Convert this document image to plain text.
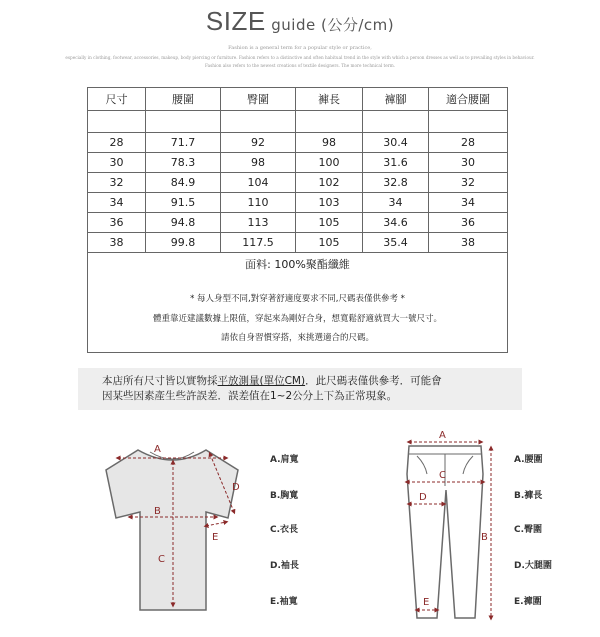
SIZE guide (公分/cm)
Fashion is a general term for a popular style or practice,
especially in clothing, footwear, accessories, makeup, body piercing or furniture. Fashion refers to a distinctive and often habitual trend in the style with which a person dresses as well as to prevailing styles in behaviour. Fashion also refers to the newest creations of textile designers. The more technical term.
尺寸	腰圍	臀圍	褲長	褲腳	適合腰圍

28	71.7	92	98	30.4	28
30	78.3	98	100	31.6	30
32	84.9	104	102	32.8	32
34	91.5	110	103	34	34
36	94.8	113	105	34.6	36
38	99.8	117.5	105	35.4	38

面料: 100%聚酯纖維
* 每人身型不同,對穿著舒適度要求不同,尺碼表僅供參考 *
體重靠近建議數據上限值，穿起來為剛好合身，想寬鬆舒適就買大一號尺寸。
請依自身習慣穿搭，來挑選適合的尺碼。					
本店所有尺寸皆以實物採平放測量(單位CM)．此尺碼表僅供參考．可能會
因某些因素產生些許誤差．誤差值在1~2公分上下為正常現象。
A
B
C
D
E
A.肩寬
B.胸寬
C.衣長
D.袖長
E.袖寬
A
B
C
D
E
A.腰圍
B.褲長
C.臀圍
D.大腿圍
E.褲圍
